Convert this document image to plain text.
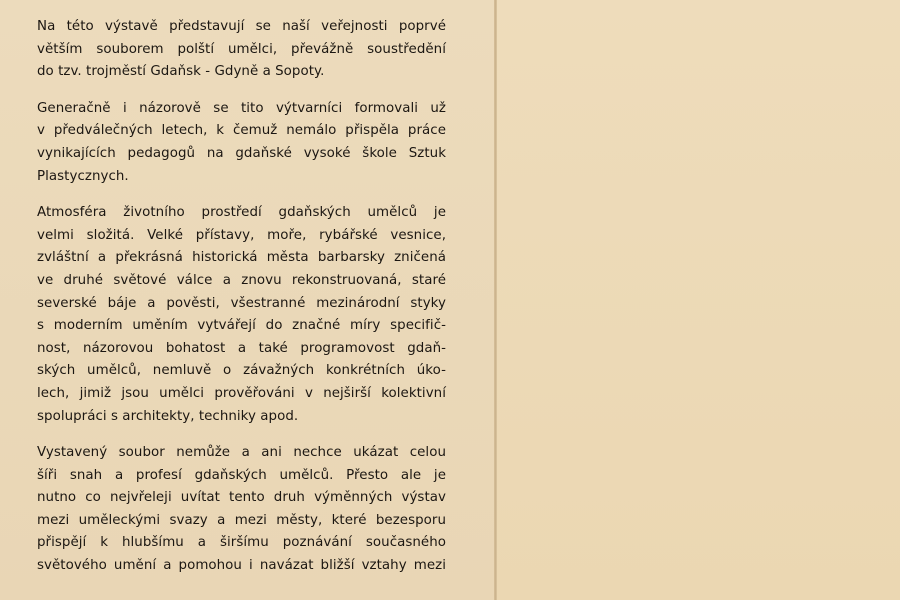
Na této výstavě představují se naší veřejnosti poprvé
větším souborem polští umělci, převážně soustředění
do tzv. trojměstí Gdaňsk - Gdyně a Sopoty.

Generačně i názorově se tito výtvarníci formovali už
v předválečných letech, k čemuž nemálo přispěla práce
vynikajících pedagogů na gdaňské vysoké škole Sztuk
Plastycznych.

Atmosféra životního prostředí gdaňských umělců je
velmi složitá. Velké přístavy, moře, rybářské vesnice,
zvláštní a překrásná historická města barbarsky zničená
ve druhé světové válce a znovu rekonstruovaná, staré
severské báje a pověsti, všestranné mezinárodní styky
s moderním uměním vytvářejí do značné míry specifič-
nost, názorovou bohatost a také programovost gdaň-
ských umělců, nemluvě o závažných konkrétních úko-
lech, jimiž jsou umělci prověřováni v nejširší kolektivní
spolupráci s architekty, techniky apod.

Vystavený soubor nemůže a ani nechce ukázat celou
šíři snah a profesí gdaňských umělců. Přesto ale je
nutno co nejvřeleji uvítat tento druh výměnných výstav
mezi uměleckými svazy a mezi městy, které bezesporu
přispějí k hlubšímu a širšímu poznávání současného
světového umění a pomohou i navázat bližší vztahy mezi
